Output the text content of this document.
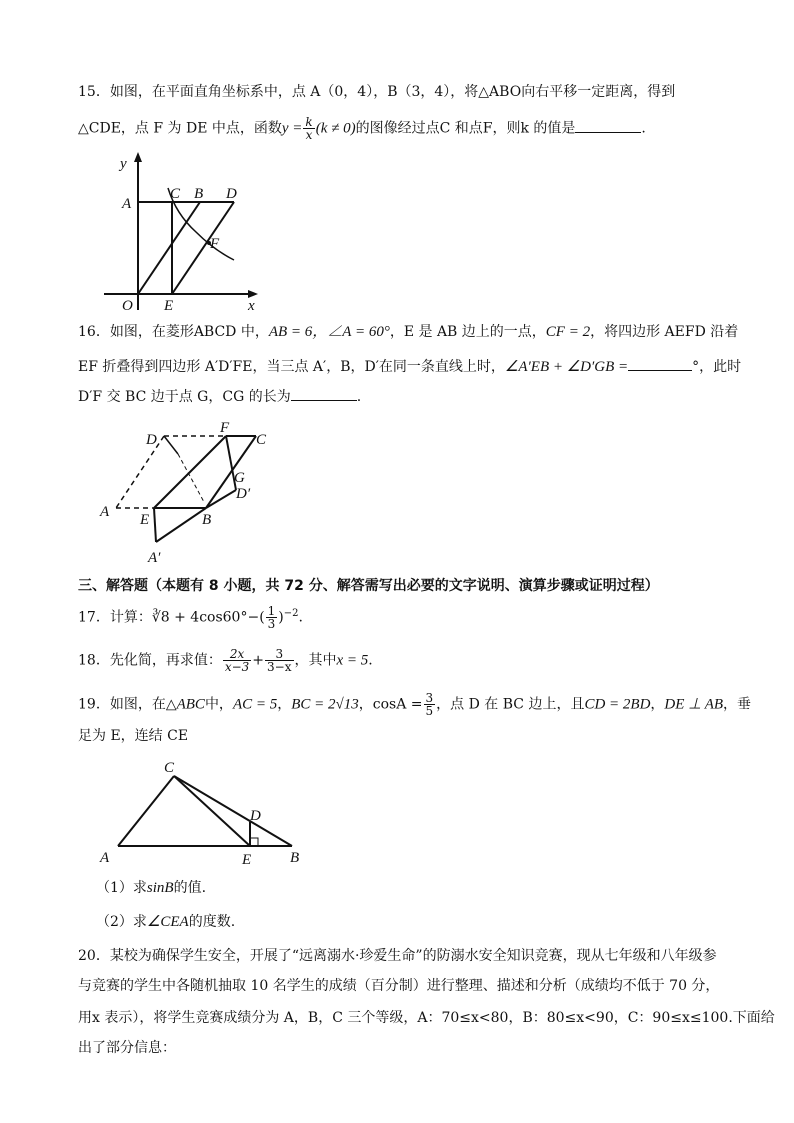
15．如图，在平面直角坐标系中，点 A（0，4），B（3，4），将△ABO向右平移一定距离，得到
△CDE，点 F 为 DE 中点，函数$y = \frac{k}{x} (k \ne 0)$的图像经过点C 和点F，则k 的值是	.
y
x
O
A
C B D
E
F
16．如图，在菱形ABCD 中，AB = 6，∠A = 60°，E 是 AB 边上的一点，CF = 2，将四边形 AEFD 沿着
EF 折叠得到四边形 A′D′FE，当三点 A′，B，D′在同一条直线上时，∠A′EB + ∠D′GB =	°，此时
D′F 交 BC 边于点 G，CG 的长为	.
D
F
C
G
D′
A E	B
A′
三、解答题（本题有 8 小题，共 72 分、解答需写出必要的文字说明、演算步骤或证明过程）
17．计算：∛8 + $4\cos 60^\circ-( \frac{1}{3} )^{-2}$.
18．先化简，再求值： $\frac{2x}{x-3} + \frac{3}{3-x}$ ，其中x = 5.
19．如图，在△ABC中，AC = 5，BC = 2√13，$\cos A = \frac{3}{5}$ ，点 D 在 BC 边上，且CD = 2BD，DE ⊥ AB，垂
足为 E，连结 CE
C
D
A	E	B
（1）求sinB的值.
（2）求∠CEA的度数.
20．某校为确保学生安全，开展了“远离溺水·珍爱生命”的防溺水安全知识竞赛，现从七年级和八年级参
与竞赛的学生中各随机抽取 10 名学生的成绩（百分制）进行整理、描述和分析（成绩均不低于 70 分，
用x 表示），将学生竞赛成绩分为 A，B，C 三个等级，A：70≤x<80，B：80≤x<90，C：90≤x≤100.下面给
出了部分信息：
